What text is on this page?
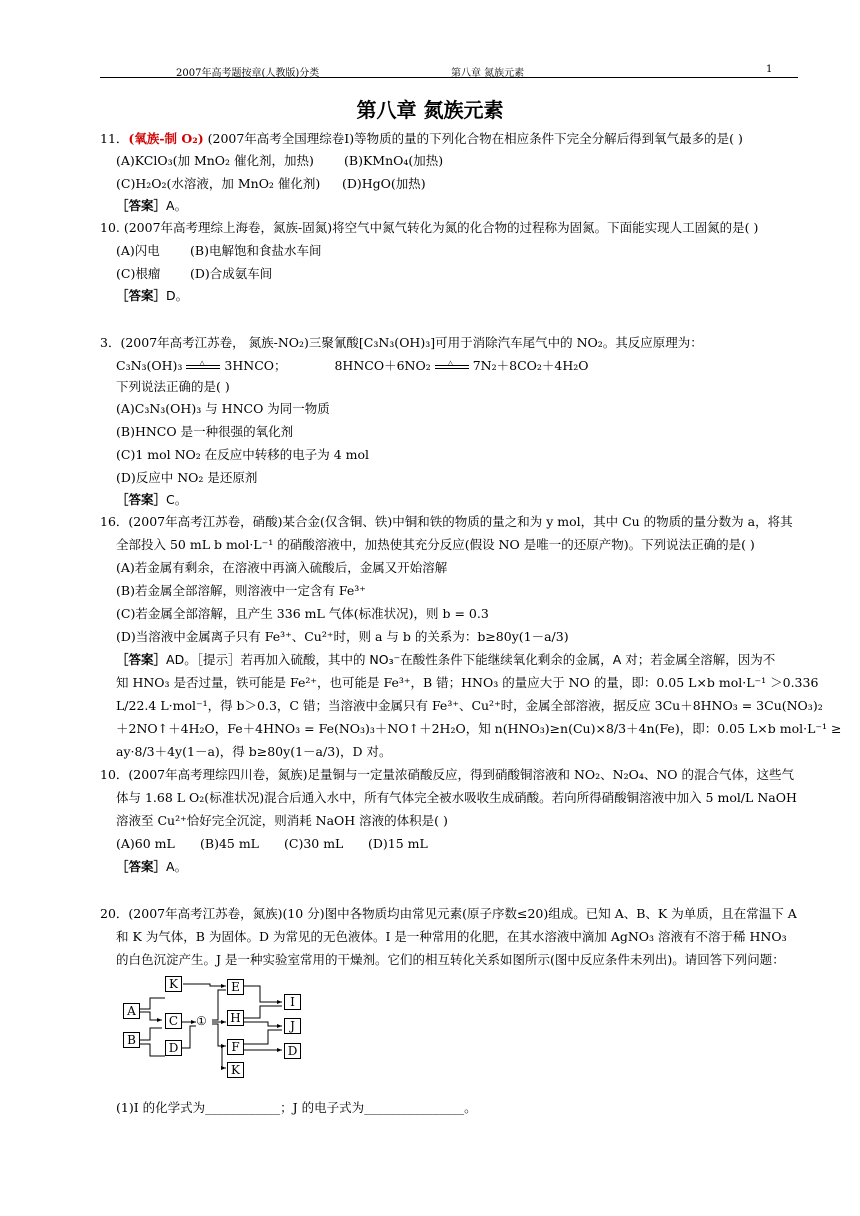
2007年高考题按章(人教版)分类	第八章 氮族元素	1
第八章 氮族元素
11．(氧族-制 O₂) (2007年高考全国理综卷I)等物质的量的下列化合物在相应条件下完全分解后得到氧气最多的是( )
(A)KClO₃(加 MnO₂ 催化剂，加热) (B)KMnO₄(加热)
(C)H₂O₂(水溶液，加 MnO₂ 催化剂) (D)HgO(加热)
［答案］A。
10. (2007年高考理综上海卷，氮族-固氮)将空气中氮气转化为氮的化合物的过程称为固氮。下面能实现人工固氮的是( )
(A)闪电 (B)电解饱和食盐水车间
(C)根瘤 (D)合成氨车间
［答案］D。
3．(2007年高考江苏卷， 氮族-NO₂)三聚氰酸[C₃N₃(OH)₃]可用于消除汽车尾气中的 NO₂。其反应原理为：
C₃N₃(OH)₃ △ 3HNCO；	8HNCO＋6NO₂ △ 7N₂＋8CO₂＋4H₂O
下列说法正确的是( )
(A)C₃N₃(OH)₃ 与 HNCO 为同一物质
(B)HNCO 是一种很强的氧化剂
(C)1 mol NO₂ 在反应中转移的电子为 4 mol
(D)反应中 NO₂ 是还原剂
［答案］C。
16．(2007年高考江苏卷，硝酸)某合金(仅含铜、铁)中铜和铁的物质的量之和为 y mol，其中 Cu 的物质的量分数为 a，将其
全部投入 50 mL b mol·L⁻¹ 的硝酸溶液中，加热使其充分反应(假设 NO 是唯一的还原产物)。下列说法正确的是( )
(A)若金属有剩余，在溶液中再滴入硫酸后，金属又开始溶解
(B)若金属全部溶解，则溶液中一定含有 Fe³⁺
(C)若金属全部溶解，且产生 336 mL 气体(标准状况)，则 b = 0.3
(D)当溶液中金属离子只有 Fe³⁺、Cu²⁺时，则 a 与 b 的关系为：b≥80y(1－a/3)
［答案］AD。［提示］若再加入硫酸，其中的 NO₃⁻在酸性条件下能继续氧化剩余的金属，A 对；若金属全溶解，因为不
知 HNO₃ 是否过量，铁可能是 Fe²⁺，也可能是 Fe³⁺，B 错；HNO₃ 的量应大于 NO 的量，即：0.05 L×b mol·L⁻¹ ＞0.336
L/22.4 L·mol⁻¹，得 b＞0.3，C 错；当溶液中金属只有 Fe³⁺、Cu²⁺时，金属全部溶液，据反应 3Cu＋8HNO₃ = 3Cu(NO₃)₂
＋2NO↑＋4H₂O，Fe＋4HNO₃ = Fe(NO₃)₃＋NO↑＋2H₂O，知 n(HNO₃)≥n(Cu)×8/3＋4n(Fe)，即：0.05 L×b mol·L⁻¹ ≥
ay·8/3＋4y(1－a)，得 b≥80y(1－a/3)，D 对。
10．(2007年高考理综四川卷，氮族)足量铜与一定量浓硝酸反应，得到硝酸铜溶液和 NO₂、N₂O₄、NO 的混合气体，这些气
体与 1.68 L O₂(标准状况)混合后通入水中，所有气体完全被水吸收生成硝酸。若向所得硝酸铜溶液中加入 5 mol/L NaOH
溶液至 Cu²⁺恰好完全沉淀，则消耗 NaOH 溶液的体积是( )
(A)60 mL (B)45 mL (C)30 mL (D)15 mL
［答案］A。
20．(2007年高考江苏卷，氮族)(10 分)图中各物质均由常见元素(原子序数≤20)组成。已知 A、B、K 为单质，且在常温下 A
和 K 为气体，B 为固体。D 为常见的无色液体。I 是一种常用的化肥，在其水溶液中滴加 AgNO₃ 溶液有不溶于稀 HNO₃
的白色沉淀产生。J 是一种实验室常用的干燥剂。它们的相互转化关系如图所示(图中反应条件未列出)。请回答下列问题：
K
A
B
C
D
①
E
H
F
K
I
J
D
(1)I 的化学式为____________；J 的电子式为________________。
